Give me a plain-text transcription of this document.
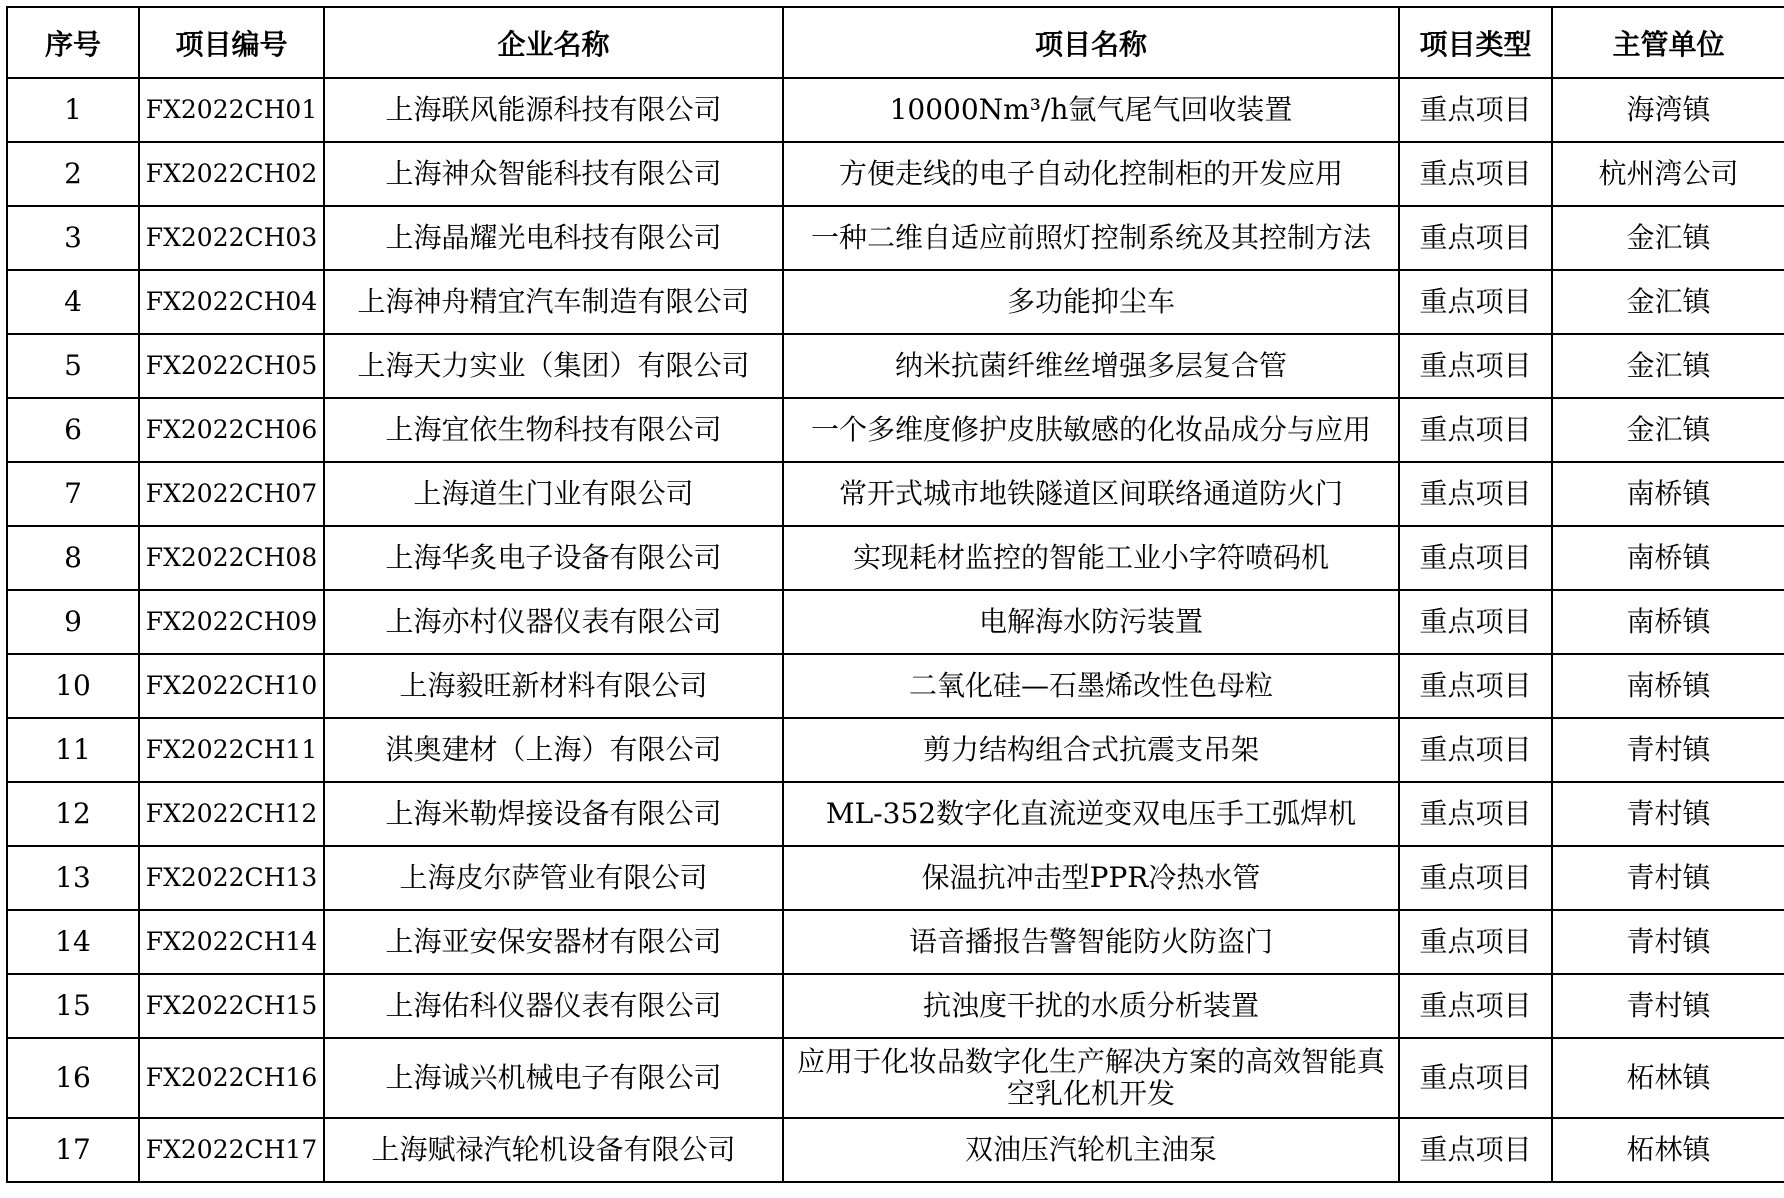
序号	项目编号	企业名称	项目名称	项目类型	主管单位
1	FX2022CH01	上海联风能源科技有限公司	10000Nm³/h氩气尾气回收装置	重点项目	海湾镇
2	FX2022CH02	上海神众智能科技有限公司	方便走线的电子自动化控制柜的开发应用	重点项目	杭州湾公司
3	FX2022CH03	上海晶耀光电科技有限公司	一种二维自适应前照灯控制系统及其控制方法	重点项目	金汇镇
4	FX2022CH04	上海神舟精宜汽车制造有限公司	多功能抑尘车	重点项目	金汇镇
5	FX2022CH05	上海天力实业（集团）有限公司	纳米抗菌纤维丝增强多层复合管	重点项目	金汇镇
6	FX2022CH06	上海宜依生物科技有限公司	一个多维度修护皮肤敏感的化妆品成分与应用	重点项目	金汇镇
7	FX2022CH07	上海道生门业有限公司	常开式城市地铁隧道区间联络通道防火门	重点项目	南桥镇
8	FX2022CH08	上海华炙电子设备有限公司	实现耗材监控的智能工业小字符喷码机	重点项目	南桥镇
9	FX2022CH09	上海亦村仪器仪表有限公司	电解海水防污装置	重点项目	南桥镇
10	FX2022CH10	上海毅旺新材料有限公司	二氧化硅—石墨烯改性色母粒	重点项目	南桥镇
11	FX2022CH11	淇奥建材（上海）有限公司	剪力结构组合式抗震支吊架	重点项目	青村镇
12	FX2022CH12	上海米勒焊接设备有限公司	ML-352数字化直流逆变双电压手工弧焊机	重点项目	青村镇
13	FX2022CH13	上海皮尔萨管业有限公司	保温抗冲击型PPR冷热水管	重点项目	青村镇
14	FX2022CH14	上海亚安保安器材有限公司	语音播报告警智能防火防盗门	重点项目	青村镇
15	FX2022CH15	上海佑科仪器仪表有限公司	抗浊度干扰的水质分析装置	重点项目	青村镇
16	FX2022CH16	上海诚兴机械电子有限公司	应用于化妆品数字化生产解决方案的高效智能真空乳化机开发	重点项目	柘林镇
17	FX2022CH17	上海赋禄汽轮机设备有限公司	双油压汽轮机主油泵	重点项目	柘林镇
